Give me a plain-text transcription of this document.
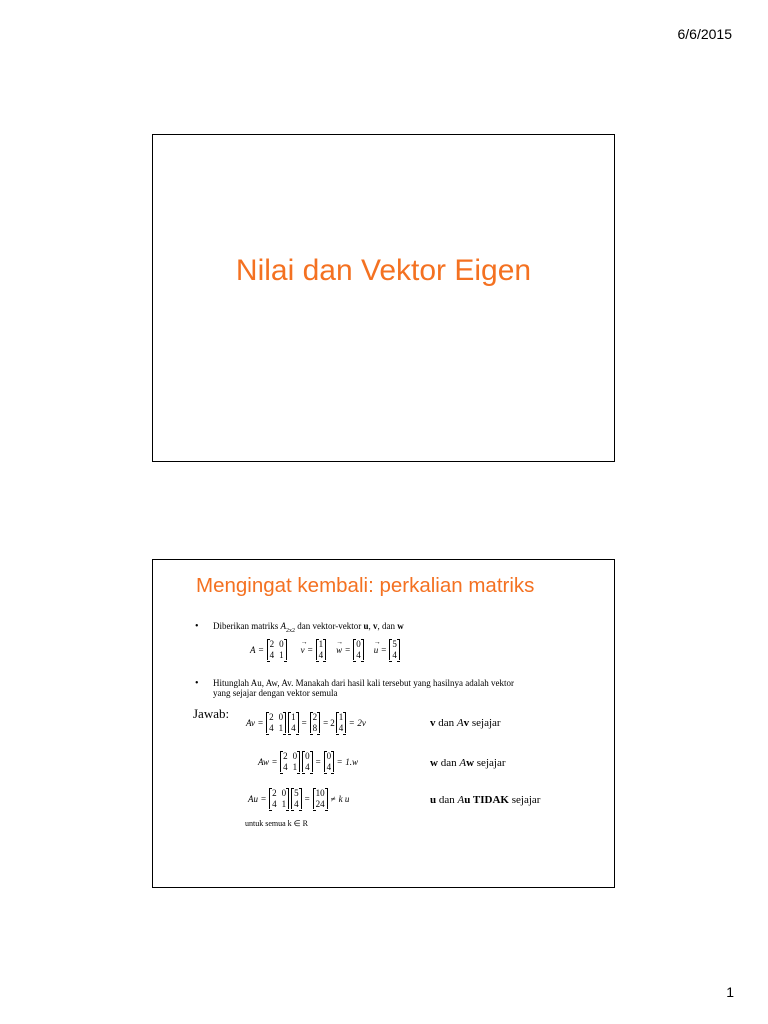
6/6/2015
Nilai dan Vektor Eigen
Mengingat kembali: perkalian matriks
• Diberikan matriks $A_{2x2}$ dan vektor-vektor u, v, dan w
A =
2 0
4 1
v → =
1
4
w → =
0
4
u → =
5
4
• Hitunglah Au, Aw, Av. Manakah dari hasil kali tersebut yang hasilnya adalah vektor
yang sejajar dengan vektor semula
Jawab:
Av =
2 0
4 1
1
4
=
2
8
= 2
1
4
= 2v	v dan Av sejajar
Aw =
2 0
4 1
0
4
=
0
4
= 1.w	w dan Aw sejajar
Au =
2 0
4 1
5
4
=
10
24
≠ k u	u dan Au TIDAK sejajar
untuk semua k ∈ R
1
